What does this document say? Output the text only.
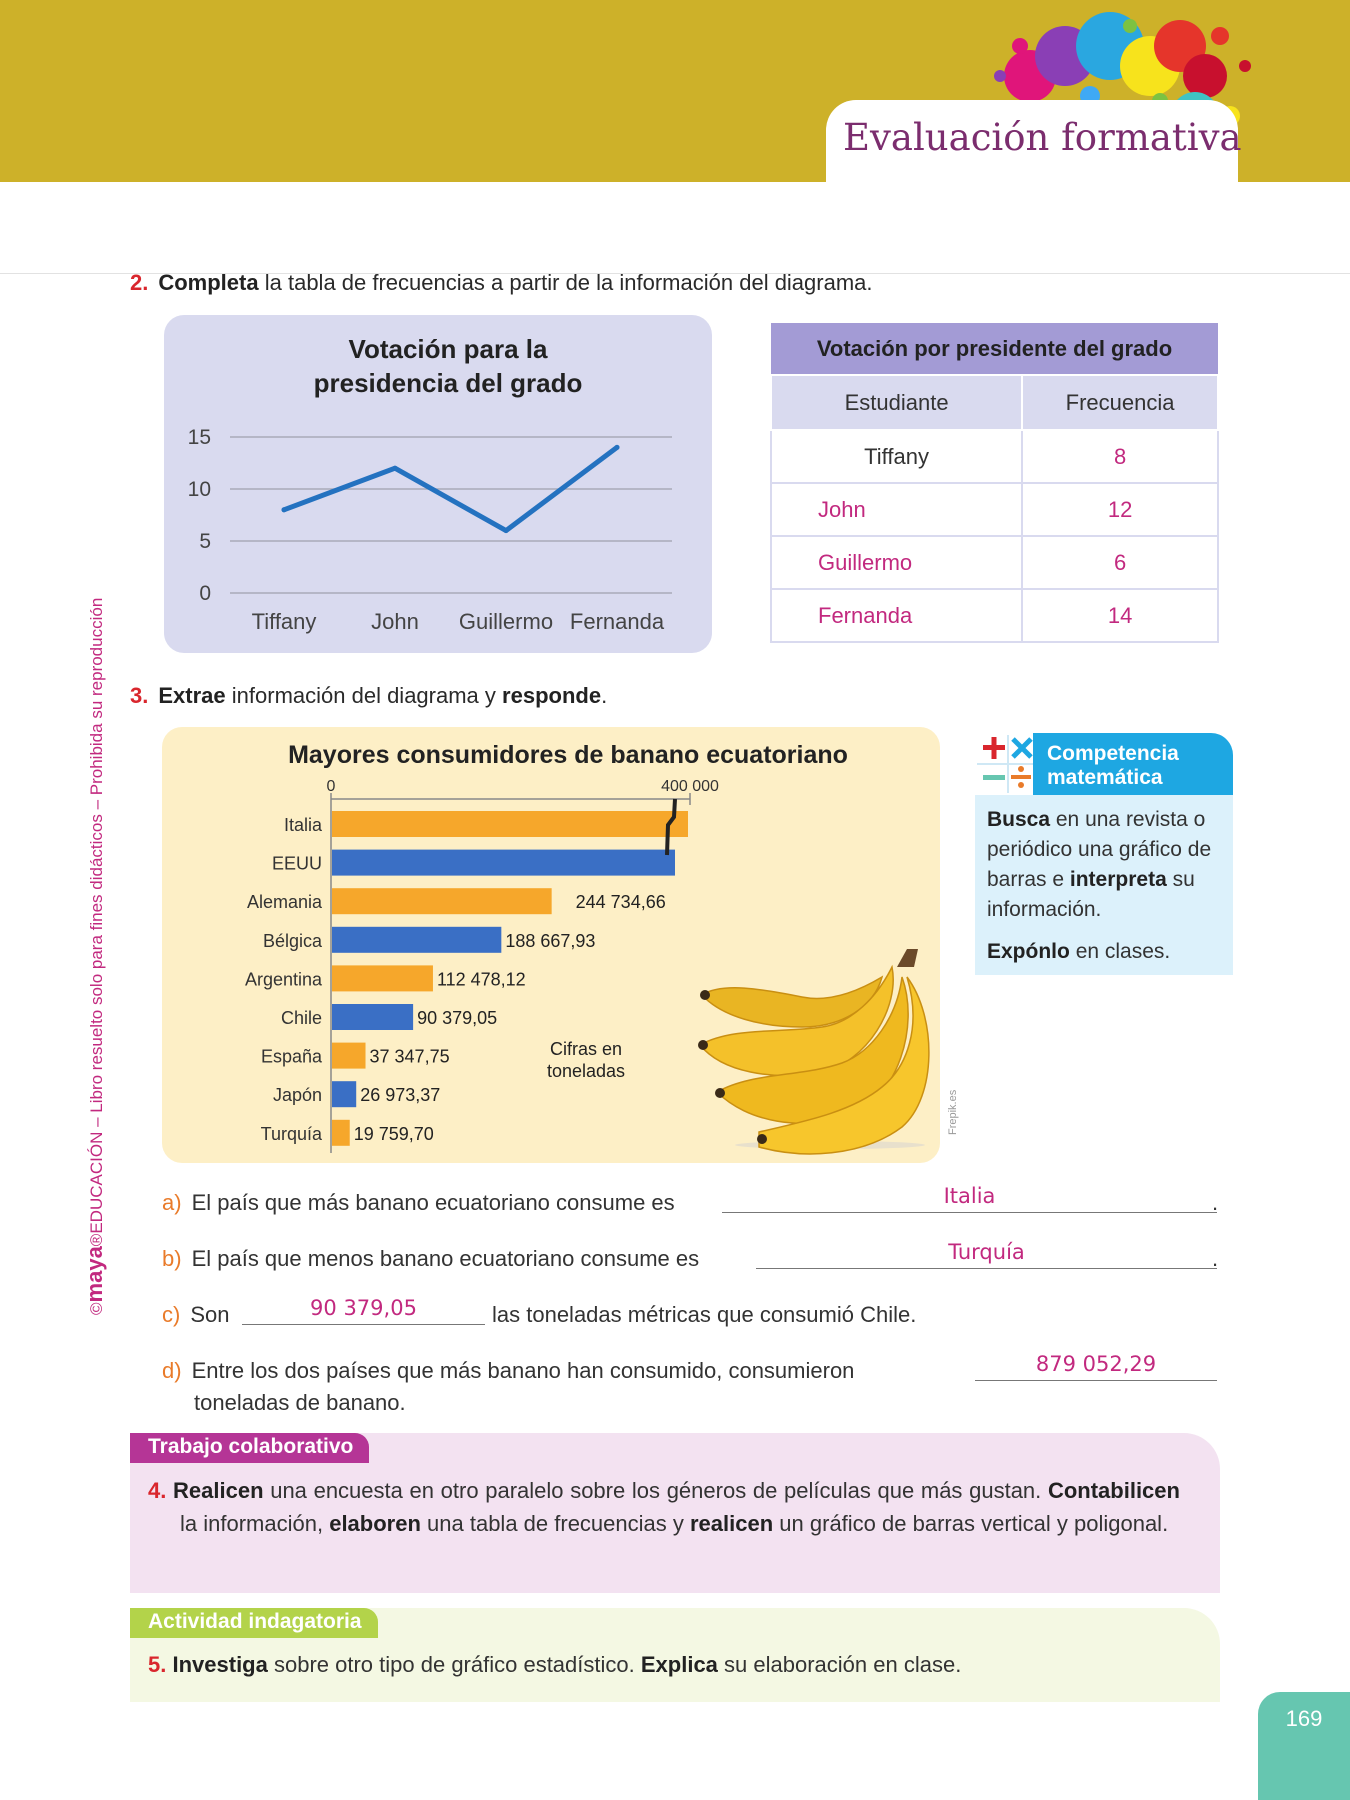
Evaluación formativa
©maya®EDUCACIÓN – Libro resuelto solo para fines didácticos – Prohibida su reproducción
2. Completa la tabla de frecuencias a partir de la información del diagrama.
Votación para la
presidencia del grado
15
10
5
0
Tiffany John Guillermo Fernanda
Votación por presidente del grado	
Estudiante	Frecuencia
Tiffany	8
John	12
Guillermo	6
Fernanda	14
3. Extrae información del diagrama y responde.
Mayores consumidores de banano ecuatoriano
0	400 000
Italia
EEUU
Alemania	244 734,66
Bélgica	188 667,93
Argentina	112 478,12
Chile	90 379,05
España	37 347,75
Japón 26 973,37
Turquía 19 759,70
Cifras en
toneladas
Frepik.es
Competencia
matemática

Busca en una revista o periódico una gráfico de barras e interpreta su información.

Expónlo en clases.

a) El país que más banano ecuatoriano consume es	Italia	.
b) El país que menos banano ecuatoriano consume es	Turquía	.
c) Son	90 379,05	las toneladas métricas que consumió Chile.
d) Entre los dos países que más banano han consumido, consumieron	879 052,29
toneladas de banano.
Trabajo colaborativo
4. Realicen una encuesta en otro paralelo sobre los géneros de películas que más gustan. Contabilicen la información, elaboren una tabla de frecuencias y realicen un gráfico de barras vertical y poligonal.
Actividad indagatoria
5. Investiga sobre otro tipo de gráfico estadístico. Explica su elaboración en clase.
169
